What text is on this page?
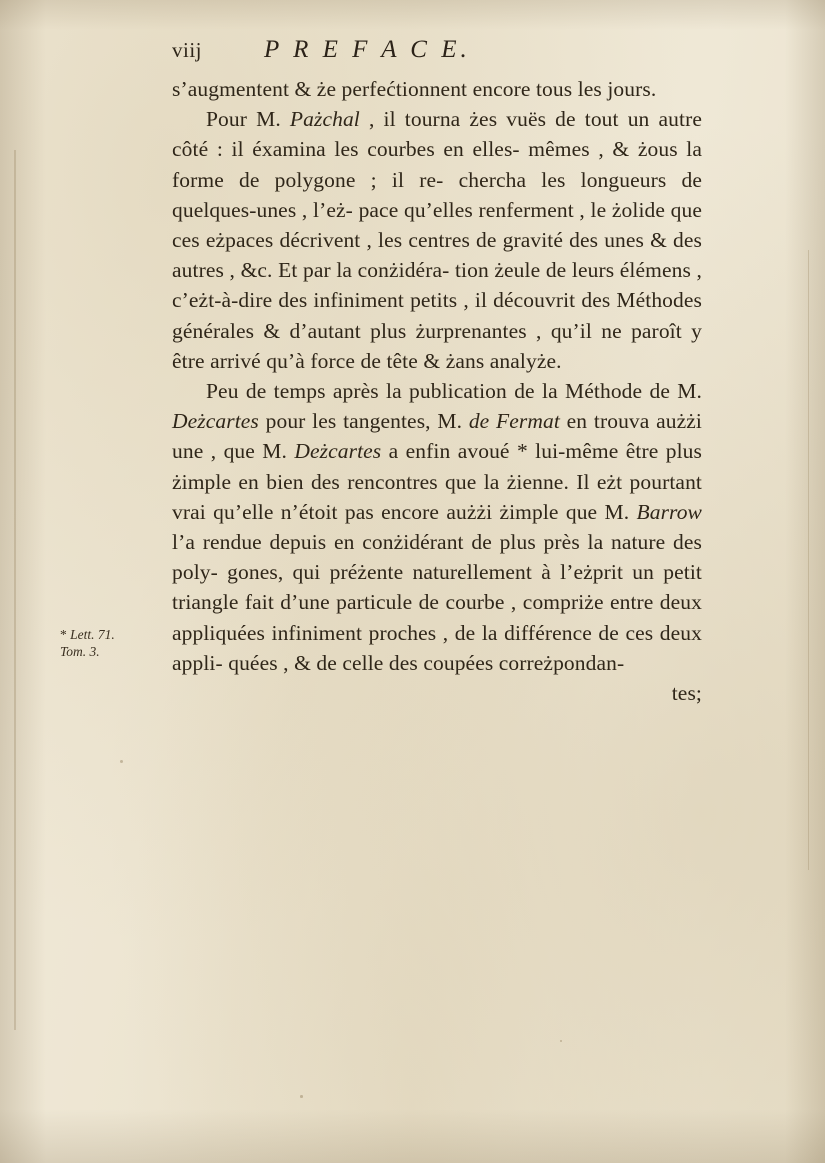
* Lett. 71.
Tom. 3.
viij P R E F A C E.

s’augmentent & że perfećtionnent encore tous les jours.

Pour M. Pażchal , il tourna żes vuës de tout un autre côté : il éxamina les courbes en elles- mêmes , & żous la forme de polygone ; il re- chercha les longueurs de quelques-unes , l’eż- pace qu’elles renferment , le żolide que ces eżpaces décrivent , les centres de gravité des unes & des autres , &c. Et par la conżidéra- tion żeule de leurs élémens , c’eżt-à-dire des infiniment petits , il découvrit des Méthodes générales & d’autant plus żurprenantes , qu’il ne paroît y être arrivé qu’à force de tête & żans analyże.

Peu de temps après la publication de la Méthode de M. Deżcartes pour les tangentes, M. de Fermat en trouva aużżi une , que M. Deżcartes a enfin avoué * lui-même être plus żimple en bien des rencontres que la żienne. Il eżt pourtant vrai qu’elle n’étoit pas encore aużżi żimple que M. Barrow l’a rendue depuis en conżidérant de plus près la nature des poly- gones, qui préżente naturellement à l’eżprit un petit triangle fait d’une particule de courbe , compriże entre deux appliquées infiniment proches , de la différence de ces deux appli- quées , & de celle des coupées correżpondan-
tes;
